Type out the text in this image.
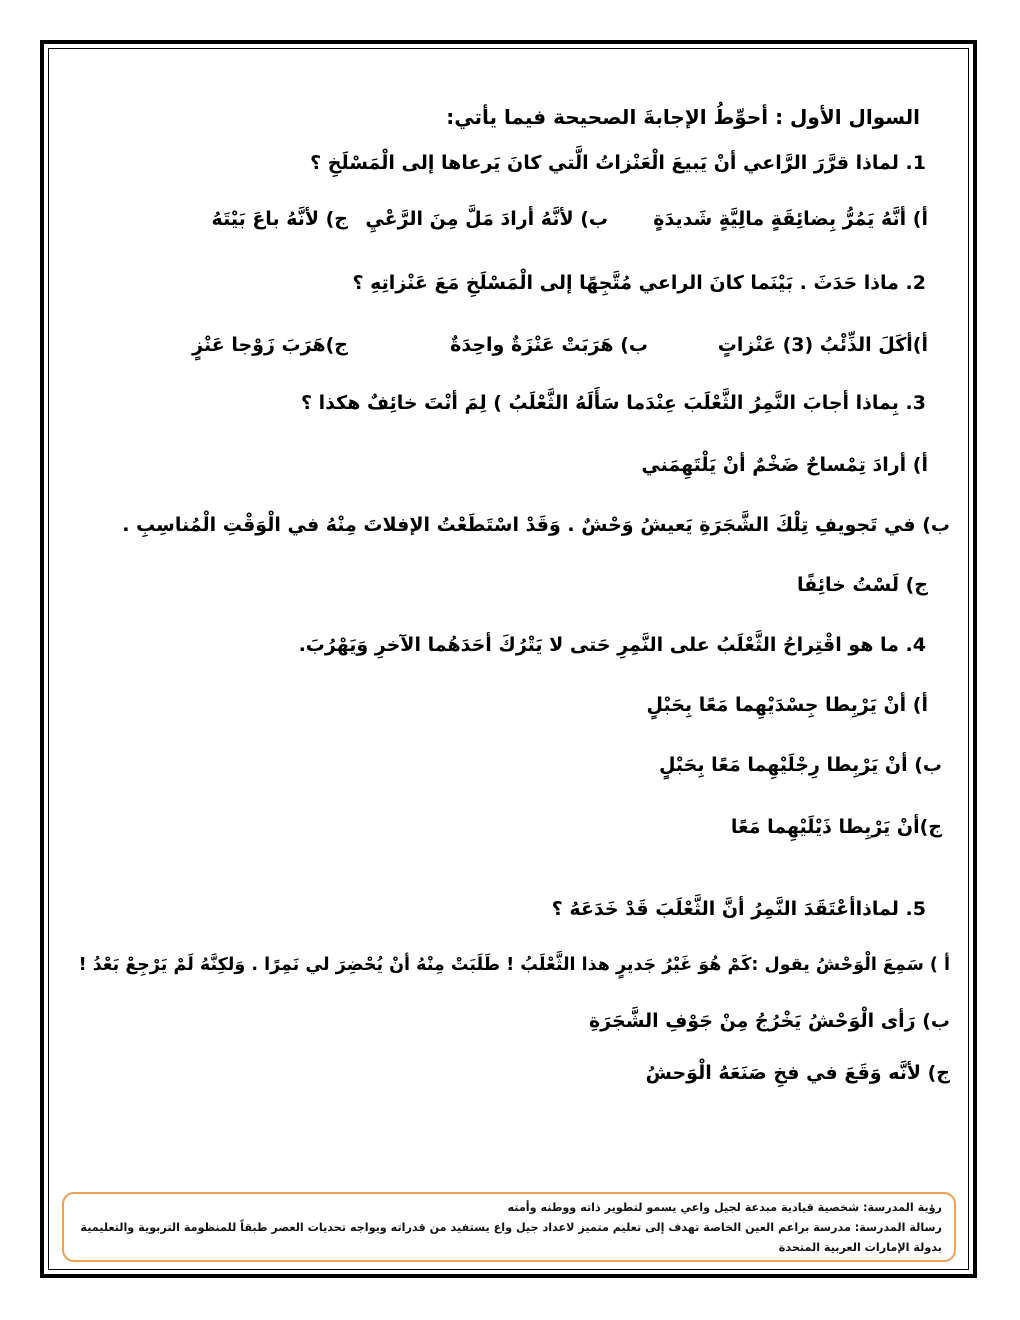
السوال الأول : أحوِّطُ الإجابةَ الصحيحة فيما يأتي:
1. لماذا قرَّرَ الرَّاعي أنْ يَبيعَ الْعَنْزاتُ الَّتي كانَ يَرعاها إلى الْمَسْلَخِ ؟
أ) أنَّهُ يَمُرُّ بِضائِقَةٍ مالِيَّةٍ شَديدَةٍ
ب) لأنَّهُ أرادَ مَلَّ مِنَ الرَّعْيِ
ج) لأنَّهُ باعَ بَيْتَهُ
2. ماذا حَدَثَ . بَيْنَما كانَ الراعي مُتَّجِهًا إلى الْمَسْلَخِ مَعَ عَنْزاتِهِ ؟
أ)أكَلَ الذِّئْبُ (3) عَنْزاتٍ
ب) هَرَبَتْ عَنْزَةٌ واحِدَةٌ
ج)هَرَبَ زَوْجا عَنْزٍ
3. بِماذا أجابَ النَّمِرُ الثَّعْلَبَ عِنْدَما سَأَلَهُ الثَّعْلَبُ ) لِمَ أنْتَ خائِفٌ هكذا ؟
أ) أرادَ تِمْساحٌ ضَخْمٌ أنْ يَلْتَهِمَني
ب) في تَجويفِ تِلْكَ الشَّجَرَةِ يَعيشُ وَحْشٌ . وَقَدْ اسْتَطَعْتُ الإفلاتَ مِنْهُ في الْوَقْتِ الْمُناسِبِ .
ج) لَسْتُ خائِفًا
4. ما هو اقْتِراحُ الثَّعْلَبُ على النَّمِرِ حَتى لا يَتْرُكَ أحَدَهُما الآخرِ وَيَهْرُبَ.
أ) أنْ يَرْبِطا جِسْدَيْهِما مَعًا بِحَبْلٍ
ب) أنْ يَرْبِطا رِجْلَيْهِما مَعًا بِحَبْلٍ
ج)أنْ يَرْبِطا ذَيْلَيْهِما مَعًا
5. لماذاأعْتَقَدَ النَّمِرُ أنَّ الثَّعْلَبَ قَدْ خَدَعَهُ ؟
أ ) سَمِعَ الْوَحْشُ يقول :كَمْ هُوَ غَيْرُ جَديرٍ هذا الثَّعْلَبُ ! طَلَبَتْ مِنْهُ أنْ يُحْضِرَ لي نَمِرًا . وَلكِنَّهُ لَمْ يَرْجِعْ بَعْدُ !
ب) رَأى الْوَحْشُ يَخْرُجُ مِنْ جَوْفِ الشَّجَرَةِ
ج) لأنَّه وَقَعَ في فخِ صَنَعَهُ الْوَحشُ
رؤية المدرسة: شخصية قيادية مبدعة لجيل واعي يسمو لتطوير ذاته ووطنه وأمته
رسالة المدرسة: مدرسة براعم العين الخاصة تهدف إلى تعليم متميز لاعداد جيل واع يستفيد من قدراته ويواجه تحديات العصر طبقاً للمنظومة التربوية والتعليمية بدولة الإمارات العربية المتحدة
